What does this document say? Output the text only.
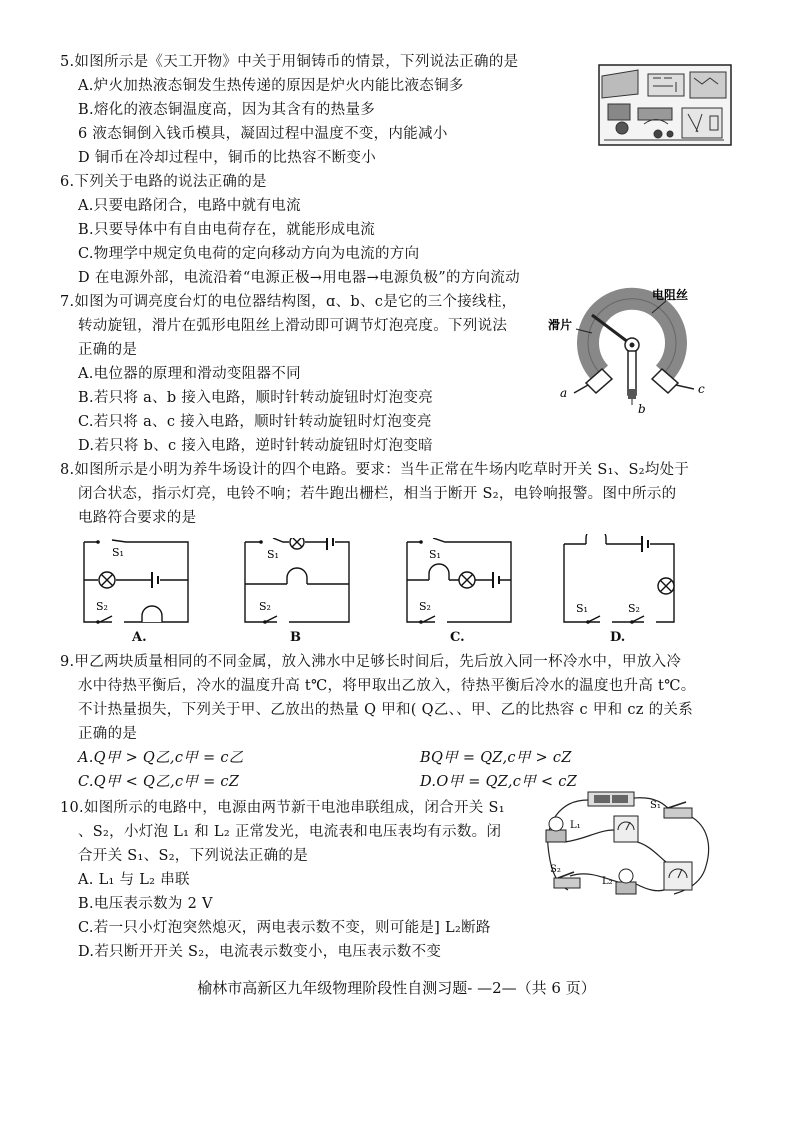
5.如图所示是《天工开物》中关于用铜铸币的情景，下列说法正确的是
A.炉火加热液态铜发生热传递的原因是炉火内能比液态铜多
B.熔化的液态铜温度高，因为其含有的热量多
6 液态铜倒入钱币模具，凝固过程中温度不变，内能减小
D 铜币在冷却过程中，铜币的比热容不断变小
6.下列关于电路的说法正确的是
A.只要电路闭合，电路中就有电流
B.只要导体中有自由电荷存在，就能形成电流
C.物理学中规定负电荷的定向移动方向为电流的方向
D 在电源外部，电流沿着“电源正极→用电器→电源负极”的方向流动
7.如图为可调亮度台灯的电位器结构图，ɑ、b、c是它的三个接线柱，
转动旋钮，滑片在弧形电阻丝上滑动即可调节灯泡亮度。下列说法
正确的是
A.电位器的原理和滑动变阻器不同
B.若只将 a、b 接入电路，顺时针转动旋钮时灯泡变亮
C.若只将 a、c 接入电路，顺时针转动旋钮时灯泡变亮
D.若只将 b、c 接入电路，逆时针转动旋钮时灯泡变暗
电阻丝
滑片
a
b
c
8.如图所示是小明为养牛场设计的四个电路。要求：当牛正常在牛场内吃草时开关 S₁、S₂均处于
闭合状态，指示灯亮，电铃不响；若牛跑出栅栏，相当于断开 S₂，电铃响报警。图中所示的
电路符合要求的是
S₁
S₂
A.
S₁
S₂
B
S₁
S₂
C.
S₁	S₂
D.
9.甲乙两块质量相同的不同金属，放入沸水中足够长时间后，先后放入同一杯冷水中，甲放入冷
水中待热平衡后，冷水的温度升高 t℃，将甲取出乙放入，待热平衡后冷水的温度也升高 t℃。
不计热量损失，下列关于甲、乙放出的热量 Q 甲和( Q乙、、甲、乙的比热容 c 甲和 cz 的关系
正确的是
A.Q甲 > Q乙,c甲 = c乙	BQ甲 = QZ,c甲 > cZ
C.Q甲 < Q乙,c甲 = cZ	D.O甲 = QZ,c甲 < cZ
10.如图所示的电路中，电源由两节新干电池串联组成，闭合开关 S₁
、S₂，小灯泡 L₁ 和 L₂ 正常发光，电流表和电压表均有示数。闭
合开关 S₁、S₂，下列说法正确的是
A. L₁ 与 L₂ 串联
B.电压表示数为 2 V
C.若一只小灯泡突然熄灭，两电表示数不变，则可能是] L₂断路
D.若只断开开关 S₂，电流表示数变小，电压表示数不变
S₁
L₁
S₂
L₂
榆林市高新区九年级物理阶段性自测习题- —2—（共 6 页）
